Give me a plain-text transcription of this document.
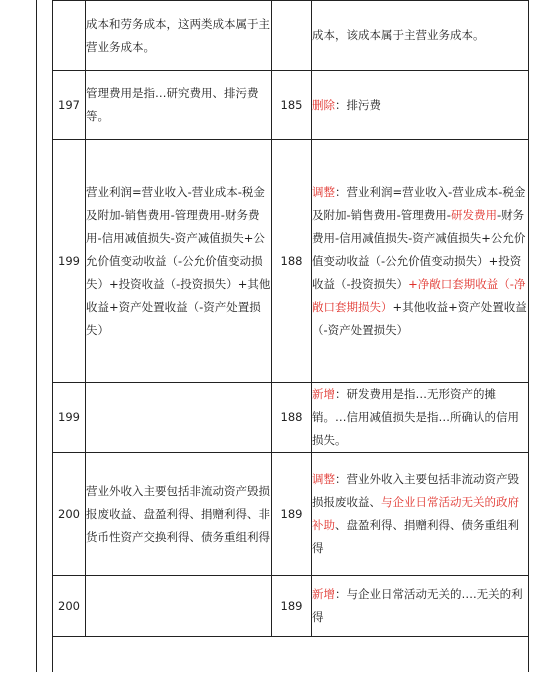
	成本和劳务成本，这两类成本属于主营业务成本。		成本，该成本属于主营业务成本。
197	管理费用是指…研究费用、排污费等。	185	删除：排污费
199	营业利润=营业收入-营业成本-税金及附加-销售费用-管理费用-财务费用-信用减值损失-资产减值损失+公允价值变动收益（-公允价值变动损失）+投资收益（-投资损失）+其他收益+资产处置收益（-资产处置损失）	188	调整：营业利润=营业收入-营业成本-税金及附加-销售费用-管理费用-研发费用-财务费用-信用减值损失-资产减值损失+公允价值变动收益（-公允价值变动损失）+投资收益（-投资损失）+净敞口套期收益（-净敞口套期损失）+其他收益+资产处置收益（-资产处置损失）
199		188	新增：研发费用是指…无形资产的摊销。…信用减值损失是指…所确认的信用损失。
200	营业外收入主要包括非流动资产毁损报废收益、盘盈利得、捐赠利得、非货币性资产交换利得、债务重组利得	189	调整：营业外收入主要包括非流动资产毁损报废收益、与企业日常活动无关的政府补助、盘盈利得、捐赠利得、债务重组利得
200		189	新增：与企业日常活动无关的….无关的利得
